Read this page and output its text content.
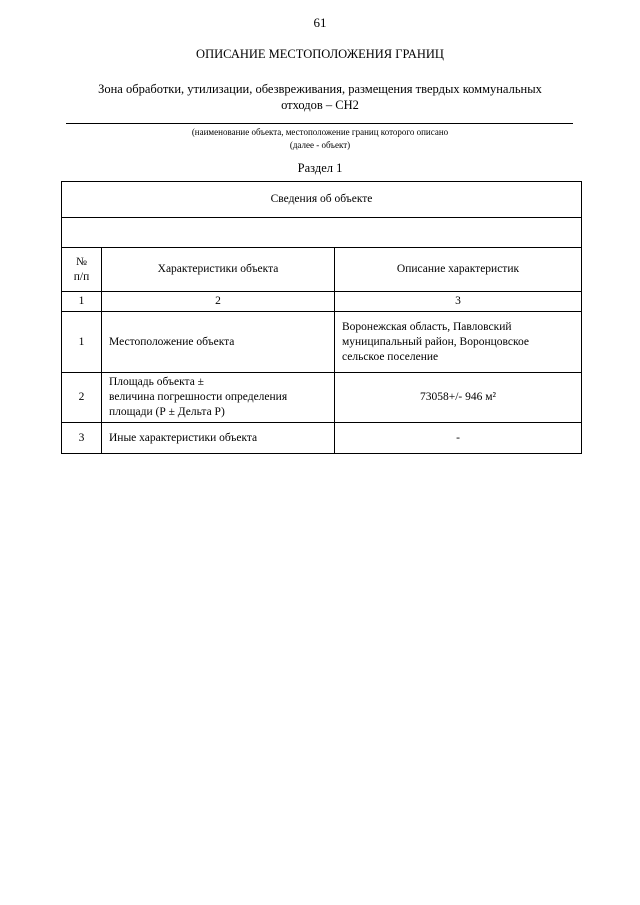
61
ОПИСАНИЕ МЕСТОПОЛОЖЕНИЯ ГРАНИЦ
Зона обработки, утилизации, обезвреживания, размещения твердых коммунальных
отходов – СН2
(наименование объекта, местоположение границ которого описано
(далее - объект)
Раздел 1
Сведения об объекте		

№
п/п	Характеристики объекта	Описание характеристик
1	2	3
1	Местоположение объекта	Воронежская область, Павловский
муниципальный район, Воронцовское
сельское поселение

2	Площадь объекта ±
величина погрешности определения
площади (Р ± Дельта Р)	73058+/- 946 м²

3	Иные характеристики объекта	-
